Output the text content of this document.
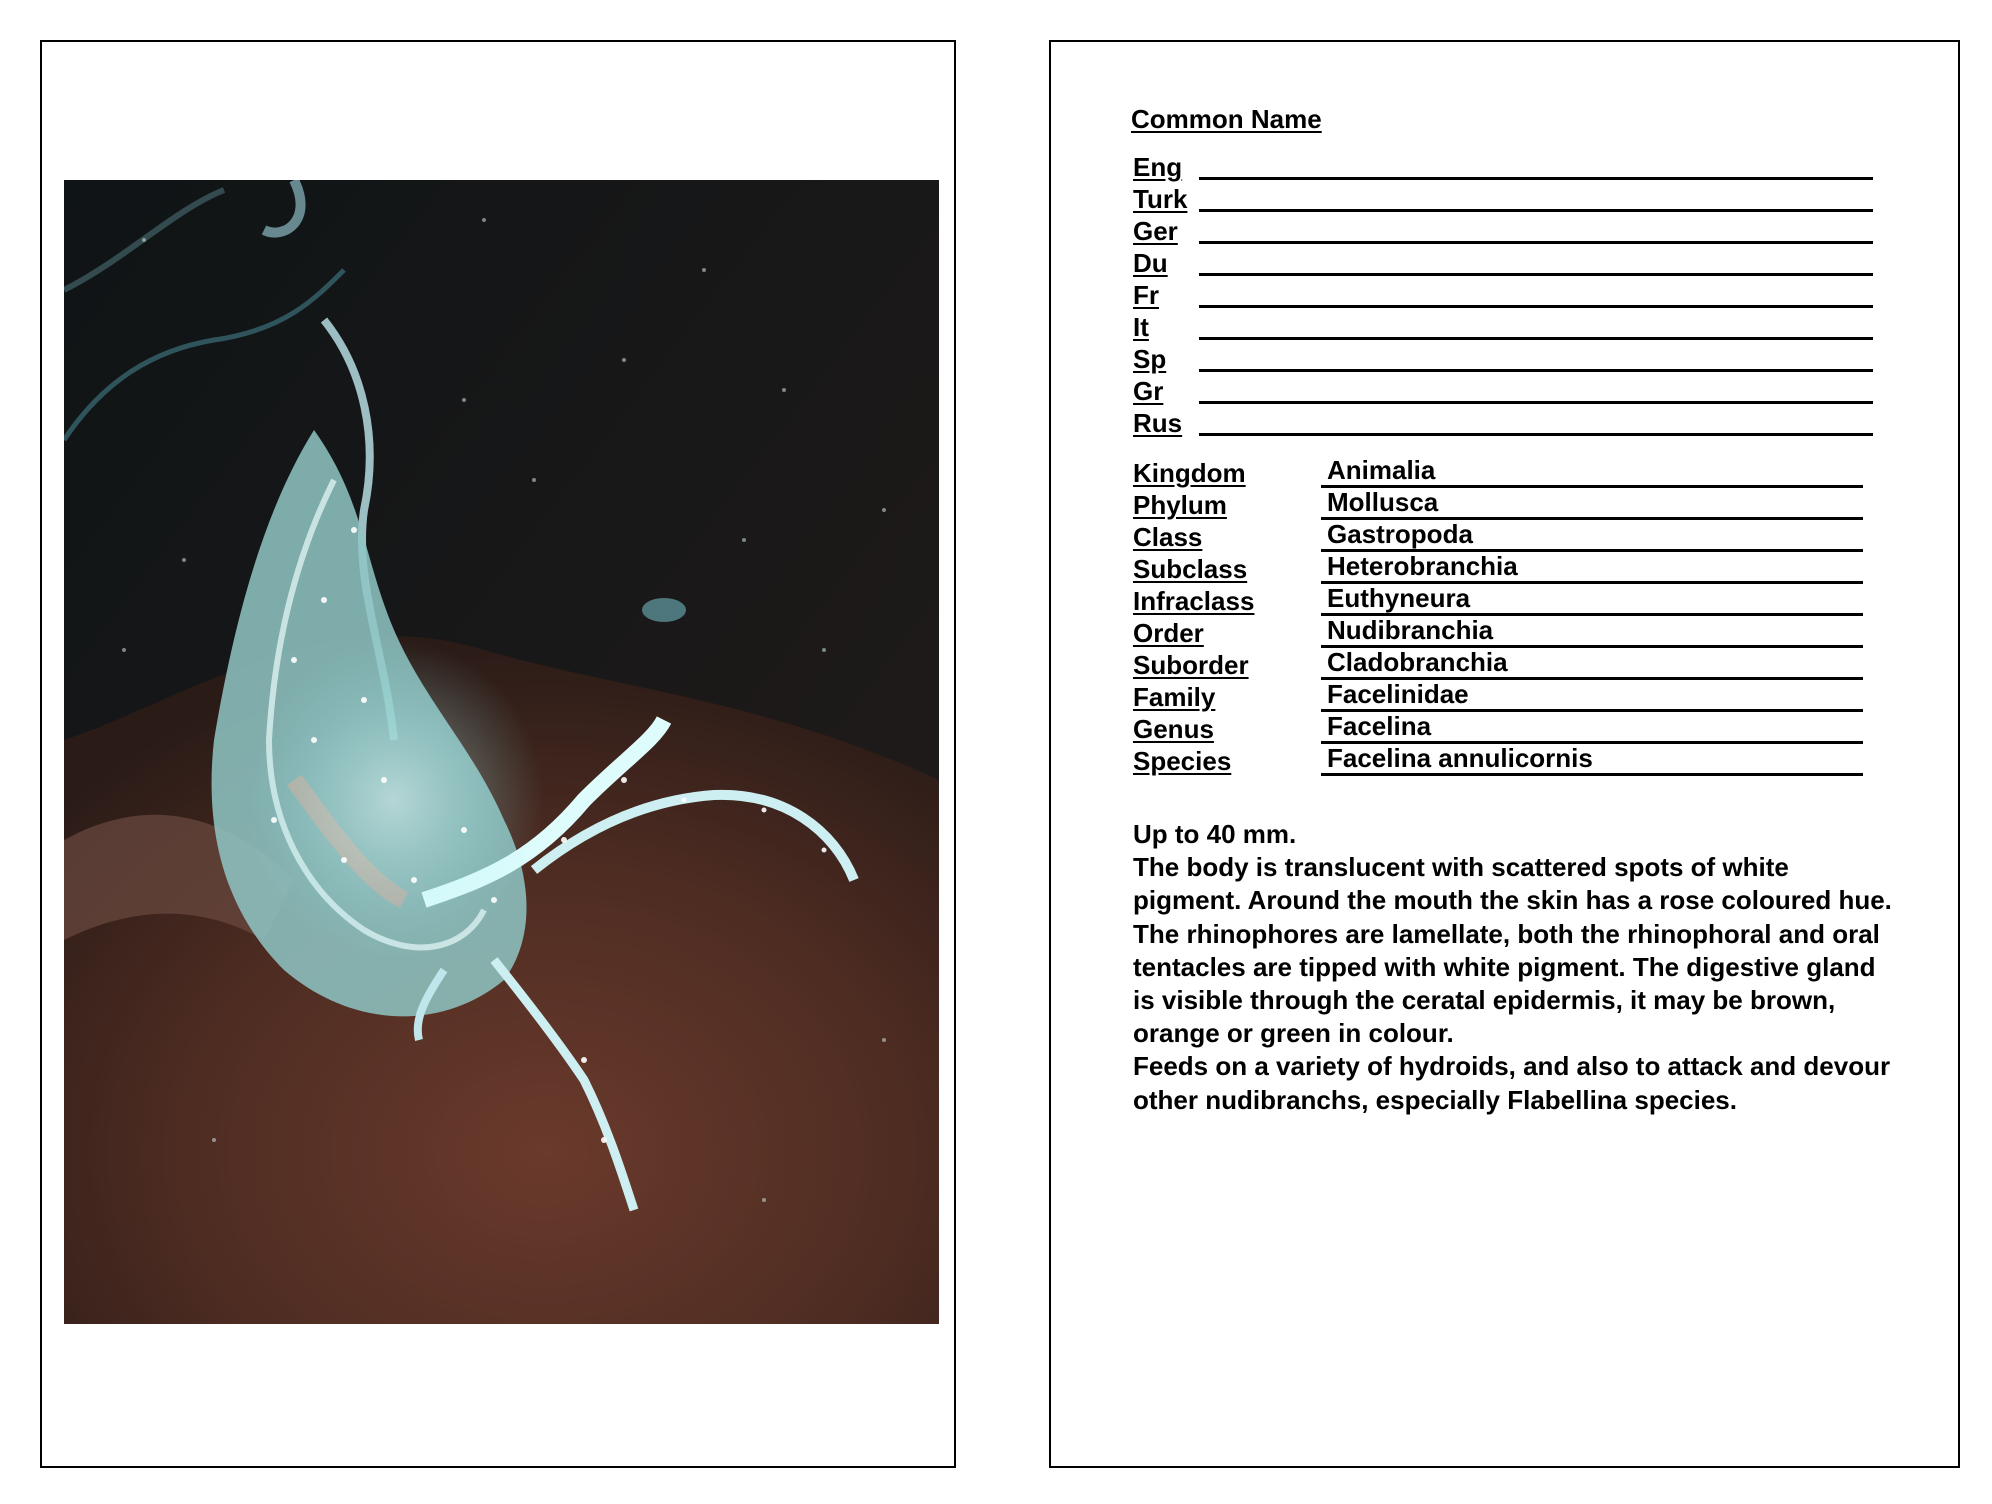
Common Name
Eng
Turk
Ger
Du
Fr
It
Sp
Gr
Rus
Kingdom	Animalia
Phylum	Mollusca
Class	Gastropoda
Subclass	Heterobranchia
Infraclass	Euthyneura
Order	Nudibranchia
Suborder	Cladobranchia
Family	Facelinidae
Genus	Facelina
Species	Facelina annulicornis

Up to 40 mm.

The body is translucent with scattered spots of white pigment. Around the mouth the skin has a rose coloured hue.

The rhinophores are lamellate, both the rhinophoral and oral tentacles are tipped with white pigment. The digestive gland is visible through the ceratal epidermis, it may be brown, orange or green in colour.

Feeds on a variety of hydroids, and also to attack and devour other nudibranchs, especially Flabellina species.
